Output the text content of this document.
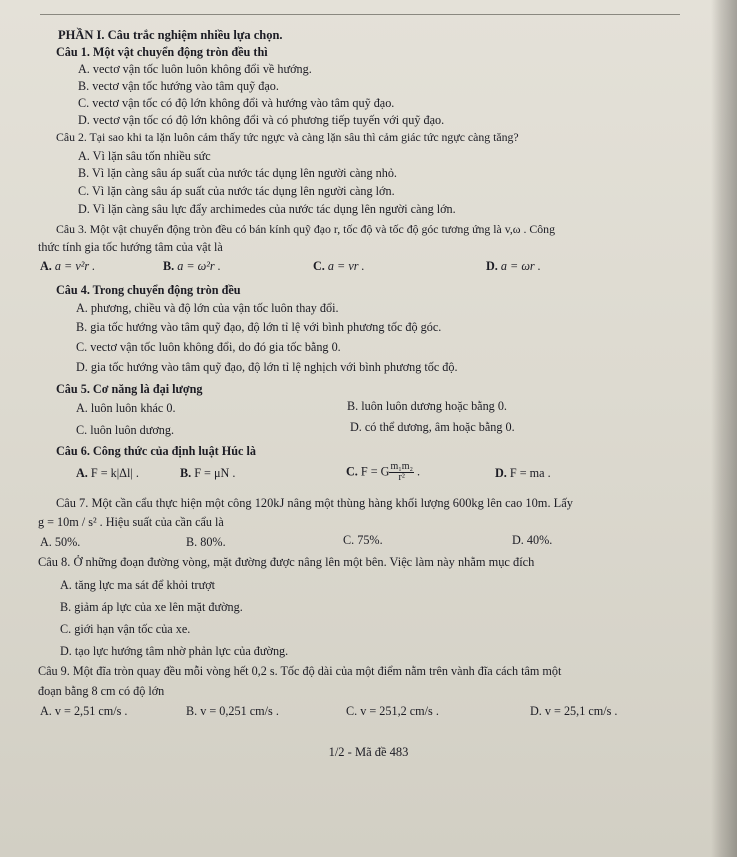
PHẦN I. Câu trắc nghiệm nhiều lựa chọn.
Câu 1. Một vật chuyển động tròn đều thì
A. vectơ vận tốc luôn luôn không đổi về hướng.
B. vectơ vận tốc hướng vào tâm quỹ đạo.
C. vectơ vận tốc có độ lớn không đổi và hướng vào tâm quỹ đạo.
D. vectơ vận tốc có độ lớn không đổi và có phương tiếp tuyến với quỹ đạo.
Câu 2. Tại sao khi ta lặn luôn cảm thấy tức ngực và càng lặn sâu thì cảm giác tức ngực càng tăng?
A. Vì lặn sâu tốn nhiều sức
B. Vì lặn càng sâu áp suất của nước tác dụng lên người càng nhỏ.
C. Vì lặn càng sâu áp suất của nước tác dụng lên người càng lớn.
D. Vì lặn càng sâu lực đẩy archimedes của nước tác dụng lên người càng lớn.
Câu 3. Một vật chuyển động tròn đều có bán kính quỹ đạo r, tốc độ và tốc độ góc tương ứng là v,ω . Công
thức tính gia tốc hướng tâm của vật là
A. a = v²r .	B. a = ω²r .	C. a = vr .	D. a = ωr .
Câu 4. Trong chuyển động tròn đều
A. phương, chiều và độ lớn của vận tốc luôn thay đổi.
B. gia tốc hướng vào tâm quỹ đạo, độ lớn tỉ lệ với bình phương tốc độ góc.
C. vectơ vận tốc luôn không đổi, do đó gia tốc bằng 0.
D. gia tốc hướng vào tâm quỹ đạo, độ lớn tỉ lệ nghịch với bình phương tốc độ.
Câu 5. Cơ năng là đại lượng
A. luôn luôn khác 0.	B. luôn luôn dương hoặc bằng 0.
C. luôn luôn dương.	D. có thể dương, âm hoặc bằng 0.
Câu 6. Công thức của định luật Húc là
A. F = k|Δl| .	B. F = μN .	C. F = G $\frac{\text{m₁m₂}}{\text{r²}}$ .	D. F = ma .
Câu 7. Một cần cẩu thực hiện một công 120kJ nâng một thùng hàng khối lượng 600kg lên cao 10m. Lấy
g = 10m / s² . Hiệu suất của cần cẩu là
A. 50%.	B. 80%.	C. 75%.	D. 40%.
Câu 8. Ở những đoạn đường vòng, mặt đường được nâng lên một bên. Việc làm này nhằm mục đích
A. tăng lực ma sát để khỏi trượt
B. giảm áp lực của xe lên mặt đường.
C. giới hạn vận tốc của xe.
D. tạo lực hướng tâm nhờ phản lực của đường.
Câu 9. Một đĩa tròn quay đều mỗi vòng hết 0,2 s. Tốc độ dài của một điểm nằm trên vành đĩa cách tâm một
đoạn bằng 8 cm có độ lớn
A. v = 2,51 cm/s .	B. v = 0,251 cm/s .	C. v = 251,2 cm/s .	D. v = 25,1 cm/s .
1/2 - Mã đề 483
